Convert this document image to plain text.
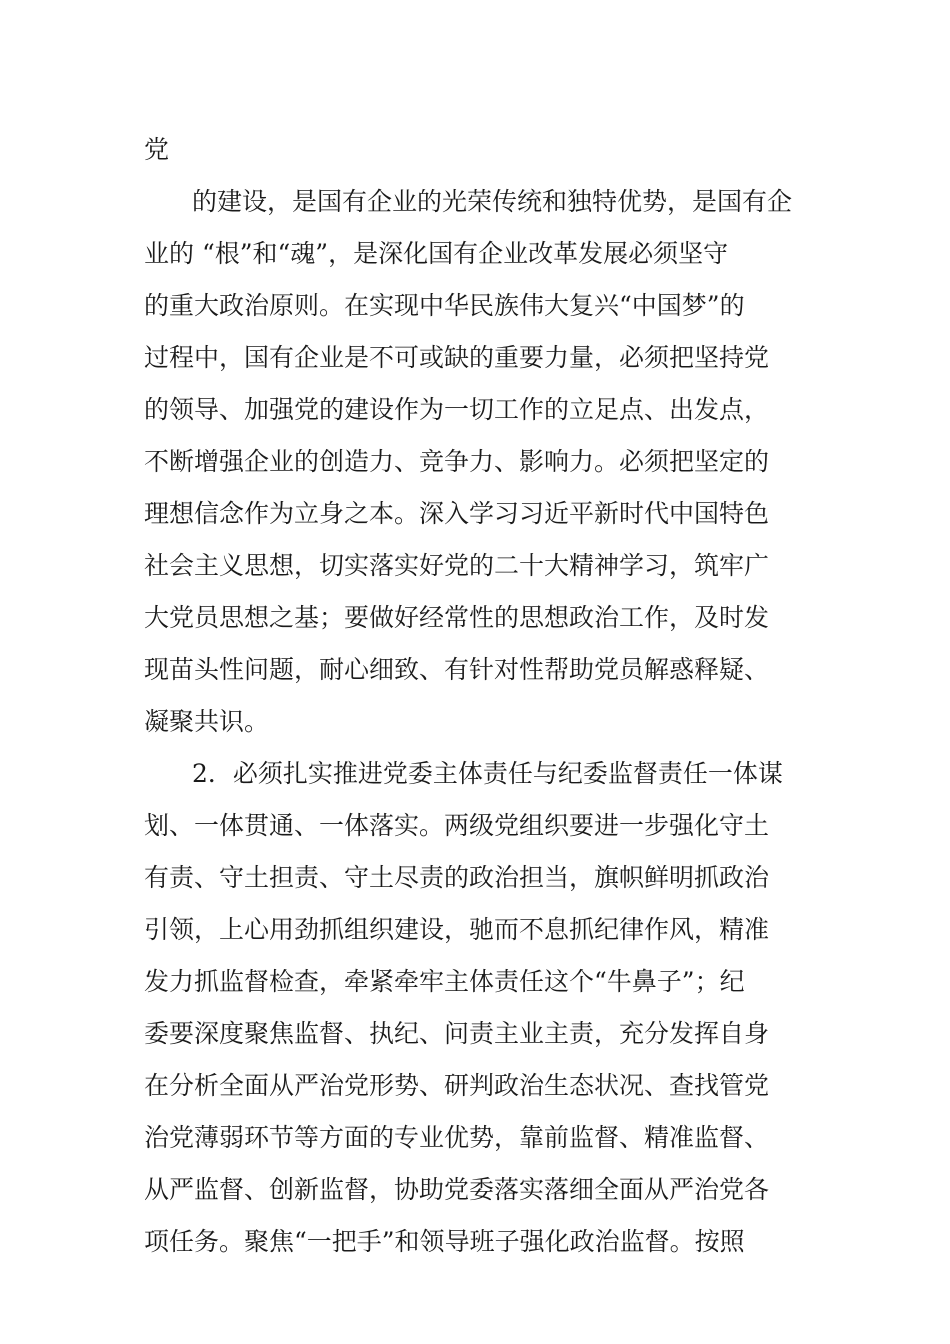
党
的建设，是国有企业的光荣传统和独特优势，是国有企
业的 “根”和“魂”，是深化国有企业改革发展必须坚守
的重大政治原则。在实现中华民族伟大复兴“中国梦”的
过程中，国有企业是不可或缺的重要力量，必须把坚持党
的领导、加强党的建设作为一切工作的立足点、出发点，
不断增强企业的创造力、竞争力、影响力。必须把坚定的
理想信念作为立身之本。深入学习习近平新时代中国特色
社会主义思想，切实落实好党的二十大精神学习，筑牢广
大党员思想之基；要做好经常性的思想政治工作，及时发
现苗头性问题，耐心细致、有针对性帮助党员解惑释疑、
凝聚共识。
2．必须扎实推进党委主体责任与纪委监督责任一体谋
划、一体贯通、一体落实。两级党组织要进一步强化守土
有责、守土担责、守土尽责的政治担当，旗帜鲜明抓政治
引领，上心用劲抓组织建设，驰而不息抓纪律作风，精准
发力抓监督检查，牵紧牵牢主体责任这个“牛鼻子”；纪
委要深度聚焦监督、执纪、问责主业主责，充分发挥自身
在分析全面从严治党形势、研判政治生态状况、查找管党
治党薄弱环节等方面的专业优势，靠前监督、精准监督、
从严监督、创新监督，协助党委落实落细全面从严治党各
项任务。聚焦“一把手”和领导班子强化政治监督。按照
